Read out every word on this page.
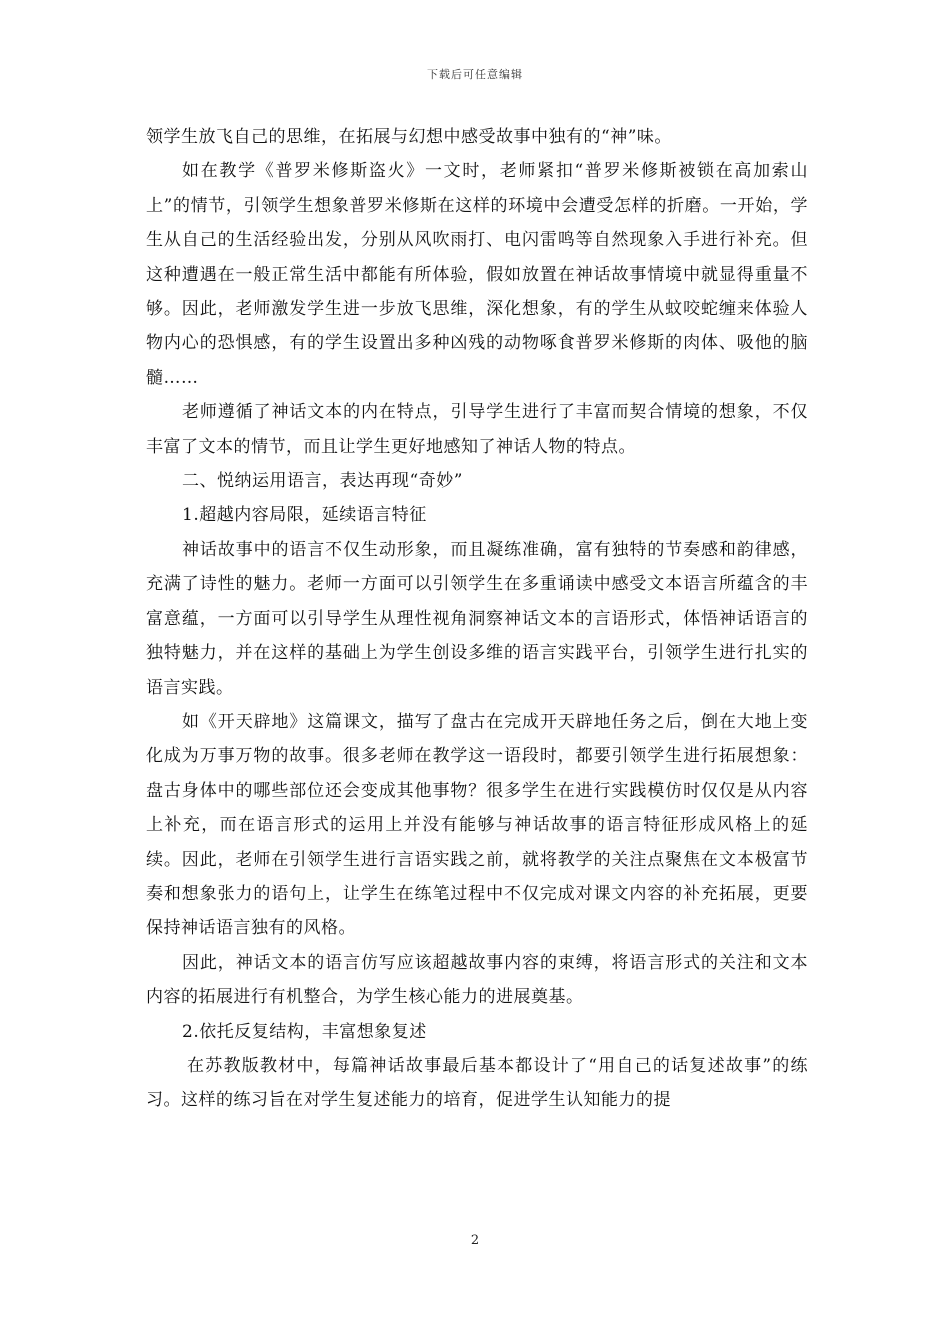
下载后可任意编辑

领学生放飞自己的思维，在拓展与幻想中感受故事中独有的“神”味。

如在教学《普罗米修斯盗火》一文时，老师紧扣“普罗米修斯被锁在高加索山上”的情节，引领学生想象普罗米修斯在这样的环境中会遭受怎样的折磨。一开始，学生从自己的生活经验出发，分别从风吹雨打、电闪雷鸣等自然现象入手进行补充。但这种遭遇在一般正常生活中都能有所体验，假如放置在神话故事情境中就显得重量不够。因此，老师激发学生进一步放飞思维，深化想象，有的学生从蚊咬蛇缠来体验人物内心的恐惧感，有的学生设置出多种凶残的动物啄食普罗米修斯的肉体、吸他的脑髓……

老师遵循了神话文本的内在特点，引导学生进行了丰富而契合情境的想象，不仅丰富了文本的情节，而且让学生更好地感知了神话人物的特点。

二、悦纳运用语言，表达再现“奇妙”

1.超越内容局限，延续语言特征

神话故事中的语言不仅生动形象，而且凝练准确，富有独特的节奏感和韵律感，充满了诗性的魅力。老师一方面可以引领学生在多重诵读中感受文本语言所蕴含的丰富意蕴，一方面可以引导学生从理性视角洞察神话文本的言语形式，体悟神话语言的独特魅力，并在这样的基础上为学生创设多维的语言实践平台，引领学生进行扎实的语言实践。

如《开天辟地》这篇课文，描写了盘古在完成开天辟地任务之后，倒在大地上变化成为万事万物的故事。很多老师在教学这一语段时，都要引领学生进行拓展想象：盘古身体中的哪些部位还会变成其他事物？很多学生在进行实践模仿时仅仅是从内容上补充，而在语言形式的运用上并没有能够与神话故事的语言特征形成风格上的延续。因此，老师在引领学生进行言语实践之前，就将教学的关注点聚焦在文本极富节奏和想象张力的语句上，让学生在练笔过程中不仅完成对课文内容的补充拓展，更要保持神话语言独有的风格。

因此，神话文本的语言仿写应该超越故事内容的束缚，将语言形式的关注和文本内容的拓展进行有机整合，为学生核心能力的进展奠基。

2.依托反复结构，丰富想象复述

在苏教版教材中，每篇神话故事最后基本都设计了“用自己的话复述故事”的练习。这样的练习旨在对学生复述能力的培育，促进学生认知能力的提

2
